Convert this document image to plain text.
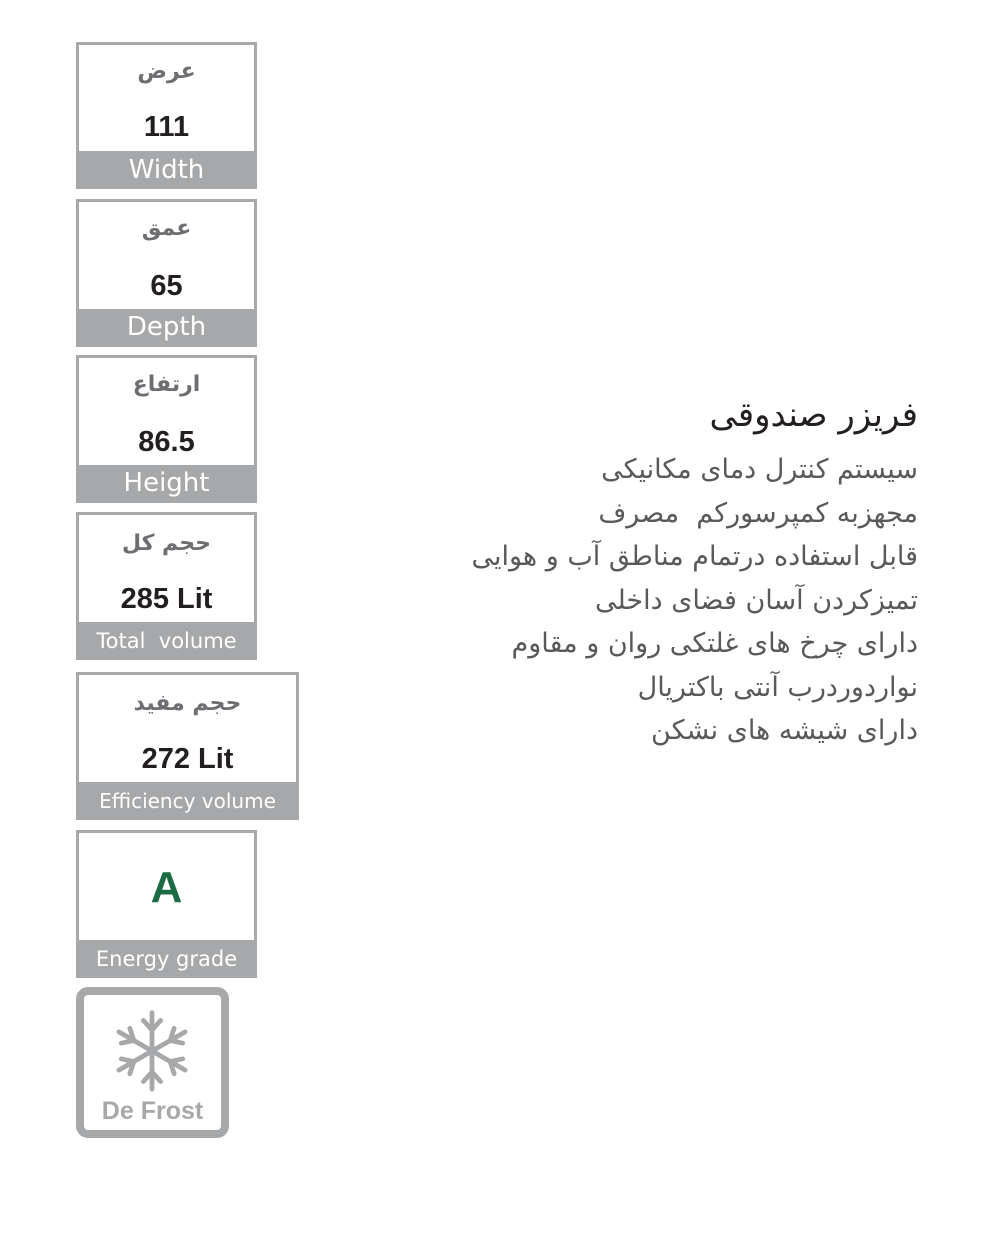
عرض
111
Width
عمق
65
Depth
ارتفاع
86.5
Height
حجم کل
285 Lit
Total  volume
حجم مفید
272 Lit
Efficiency volume
A
Energy grade
De Frost
فریزر صندوقی
سیستم کنترل دمای مکانیکی
مجهزبه کمپرسورکم  مصرف
قابل استفاده درتمام مناطق آب و هوایی
تمیزکردن آسان فضای داخلی
دارای چرخ های غلتکی روان و مقاوم
نواردوردرب آنتی باکتریال
دارای شیشه های نشکن
